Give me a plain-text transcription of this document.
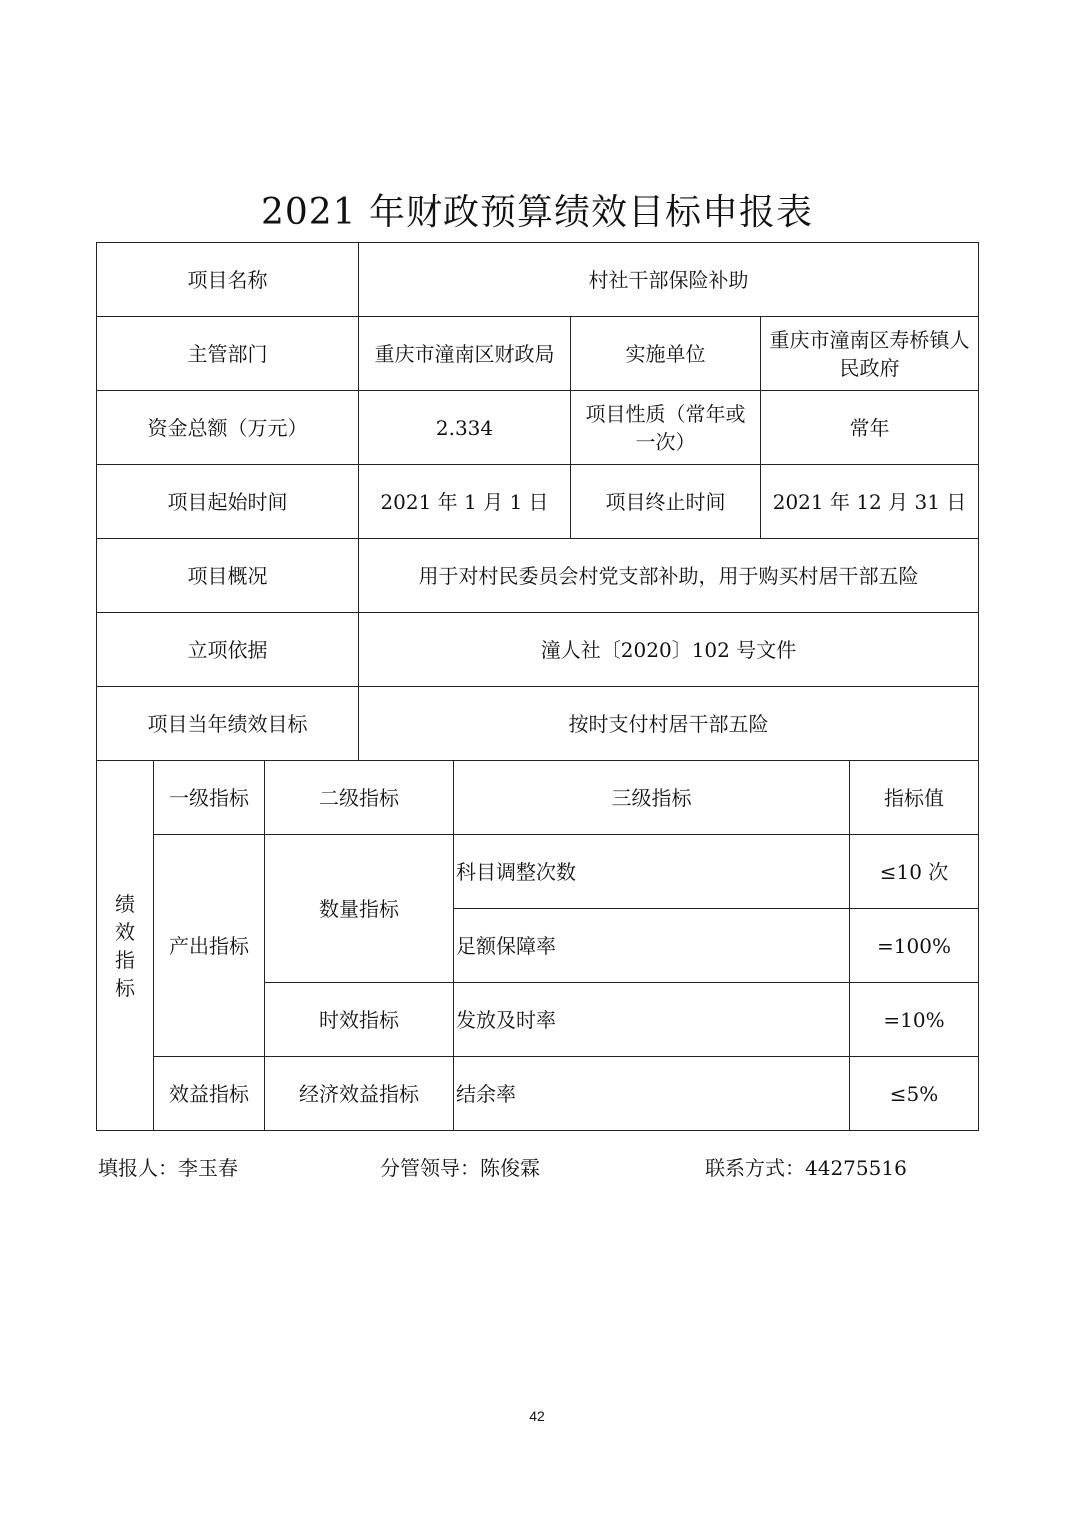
2021 年财政预算绩效目标申报表
项目名称			村社干部保险补助				
主管部门			重庆市潼南区财政局		实施单位	重庆市潼南区寿桥镇人民政府	
资金总额（万元）			2.334		项目性质（常年或一次）	常年	
项目起始时间			2021 年 1 月 1 日		项目终止时间	2021 年 12 月 31 日	
项目概况			用于对村民委员会村党支部补助，用于购买村居干部五险				
立项依据			潼人社〔2020〕102 号文件				
项目当年绩效目标			按时支付村居干部五险				
绩效指标	一级指标	二级指标		三级指标			指标值
	产出指标	数量指标		科目调整次数			≤10 次
				足额保障率			=100%
		时效指标		发放及时率			=10%
	效益指标	经济效益指标		结余率			≤5%
填报人：李玉春	分管领导：陈俊霖	联系方式：44275516
42
